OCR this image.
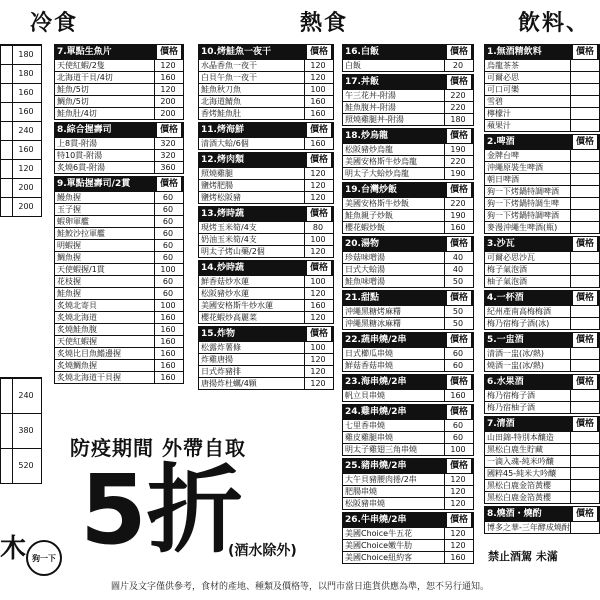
冷食	熱食	飲料、
180
180
160
160
240
160
120
200
200
240
380
520
7.單點生魚片	價格
天使紅蝦/2隻	120
北海道干貝/4切	160
鮭魚/5切	120
鯛魚/5切	200
鮭魚肚/4切	200
8.綜合握壽司	價格
上8貫-附湯	320
特10貫-附湯	320
炙燒6貫-附湯	360
9.單點握壽司/2貫	價格
鰻魚握	60
玉子握	60
蝦卵軍艦	60
鮭鮫沙拉軍艦	60
明蝦握	60
鯛魚握	60
天使蝦握/1貫	100
花枝握	60
鮭魚握	60
炙燒北寄貝	100
炙燒北海道	160
炙燒鮭魚腹	160
天使紅蝦握	160
炙燒比目魚鰭邊握	160
炙燒鯛魚握	160
炙燒北海道干貝握	160
10.烤鮭魚一夜干	價格
水晶香魚一夜干	120
白貝午魚一夜干	120
鮭魚秋刀魚	100
北海道鯖魚	160
香烤鮭魚肚	160
11.烤海鮮	價格
清酒大蛤/6個	160
12.烤肉類	價格
照燒雞腿	120
鹽烤肥腸	120
鹽烤松阪豬	120
13.烤時蔬	價格
現烤玉米筍/4支	80
奶油玉米筍/4支	100
明太子烤山藥/2個	120
14.炒時蔬	價格
鮮香菇炒水蓮	100
松阪豬炒水蓮	120
美國安格斯牛炒水蓮	160
櫻花蝦炒高麗菜	120
15.炸物	價格
松露炸薯條	100
炸雞唐揚	120
日式炸豬排	120
唐揚炸杜蠣/4顆	120
16.白飯	價格
白飯	20
17.丼飯	價格
午三花丼-附湯	220
鮭魚腹丼-附湯	220
照燒雞腿丼-附湯	180
18.炒烏龍	價格
松阪豬炒烏龍	190
美國安格斯牛炒烏龍	220
明太子大蛤炒烏龍	190
19.台灣炒飯	價格
美國安格斯牛炒飯	220
鮭魚親子炒飯	190
櫻花蝦炒飯	160
20.湯物	價格
珍菇味噌湯	40
日式大蛤湯	40
鮭魚味噌湯	50
21.甜點	價格
沖繩黑糖烤麻糬	50
沖繩黑糖冰麻糬	50
22.蔬串燒/2串	價格
日式櫛瓜串燒	60
鮮菇香菇串燒	60
23.海串燒/2串	價格
帆立貝串燒	160
24.雞串燒/2串	價格
七里香串燒	60
雞皮雞腿串燒	60
明太子雞翅三角串燒	100
25.豬串燒/2串	價格
大午貝豬腰肉捲/2串	120
肥腸串燒	120
松阪豬串燒	120
26.牛串燒/2串	價格
美國Choice牛五花	120
美國Choice嫩牛肋	120
美國Choice紐約客	160
1.無酒精飲料	價格
烏龍茶茶
可爾必思
可口可樂
雪碧
檸檬汁
蘋果汁
2.啤酒	價格
金牌台啤
沖繩原裝生啤酒
朝日啤酒
狗一下烤鍋特調啤酒
狗一下烤鍋特調生啤
狗一下烤鍋特調啤酒
麥漫沖繩生啤酒(瓶)
3.沙瓦	價格
可爾必思沙瓦
梅子氣泡酒
柚子氣泡酒
4.一杯酒	價格
紀州產南高梅梅酒
梅乃宿梅子酒(冰)
5.一盅酒	價格
清酒一盅(冰/熱)
燒酒一盅(冰/熱)
6.水果酒	價格
梅乃宿梅子酒
梅乃宿柚子酒
7.清酒	價格
山田錦-特別本釀造
黑松白鹿生貯藏
一滴入魂-純米吟釀
國粹45-純米大吟釀
黑松白鹿金箔黃櫻
黑松白鹿金箔黃櫻
8.燒酒・燒酌	價格
博多之華-三年酵成燒酎
防疫期間 外帶自取
5折
(酒水除外)
木 狗一下	禁止酒駕 未滿
圖片及文字僅供參考，食材的產地、種類及價格等，以門市當日進貨供應為準，恕不另行通知。
